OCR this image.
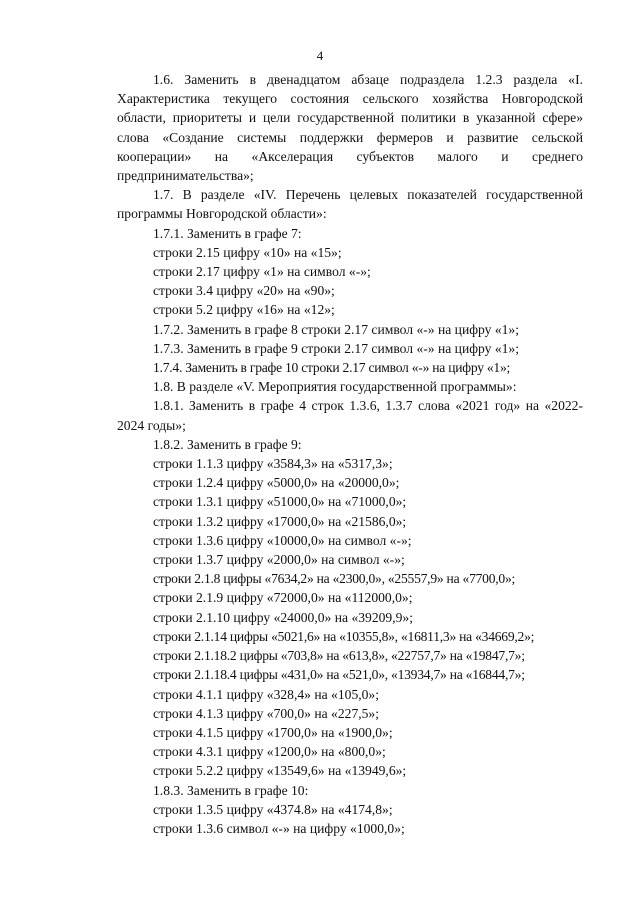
4

1.6. Заменить в двенадцатом абзаце подраздела 1.2.3 раздела «I. Характеристика текущего состояния сельского хозяйства Новгородской области, приоритеты и цели государственной политики в указанной сфере» слова «Создание системы поддержки фермеров и развитие сельской кооперации» на «Акселерация субъектов малого и среднего предпринимательства»;

1.7. В разделе «IV. Перечень целевых показателей государственной программы Новгородской области»:

1.7.1. Заменить в графе 7:

строки 2.15 цифру «10» на «15»;

строки 2.17 цифру «1» на символ «-»;

строки 3.4 цифру «20» на «90»;

строки 5.2 цифру «16» на «12»;

1.7.2. Заменить в графе 8 строки 2.17 символ «-» на цифру «1»;

1.7.3. Заменить в графе 9 строки 2.17 символ «-» на цифру «1»;

1.7.4. Заменить в графе 10 строки 2.17 символ «-» на цифру «1»;

1.8. В разделе «V. Мероприятия государственной программы»:

1.8.1. Заменить в графе 4 строк 1.3.6, 1.3.7 слова «2021 год» на «2022-2024 годы»;

1.8.2. Заменить в графе 9:

строки 1.1.3 цифру «3584,3» на «5317,3»;

строки 1.2.4 цифру «5000,0» на «20000,0»;

строки 1.3.1 цифру «51000,0» на «71000,0»;

строки 1.3.2 цифру «17000,0» на «21586,0»;

строки 1.3.6 цифру «10000,0» на символ «-»;

строки 1.3.7 цифру «2000,0» на символ «-»;

строки 2.1.8 цифры «7634,2» на «2300,0», «25557,9» на «7700,0»;

строки 2.1.9 цифру «72000,0» на «112000,0»;

строки 2.1.10 цифру «24000,0» на «39209,9»;

строки 2.1.14 цифры «5021,6» на «10355,8», «16811,3» на «34669,2»;

строки 2.1.18.2 цифры «703,8» на «613,8», «22757,7» на «19847,7»;

строки 2.1.18.4 цифры «431,0» на «521,0», «13934,7» на «16844,7»;

строки 4.1.1 цифру «328,4» на «105,0»;

строки 4.1.3 цифру «700,0» на «227,5»;

строки 4.1.5 цифру «1700,0» на «1900,0»;

строки 4.3.1 цифру «1200,0» на «800,0»;

строки 5.2.2 цифру «13549,6» на «13949,6»;

1.8.3. Заменить в графе 10:

строки 1.3.5 цифру «4374.8» на «4174,8»;

строки 1.3.6 символ «-» на цифру «1000,0»;
